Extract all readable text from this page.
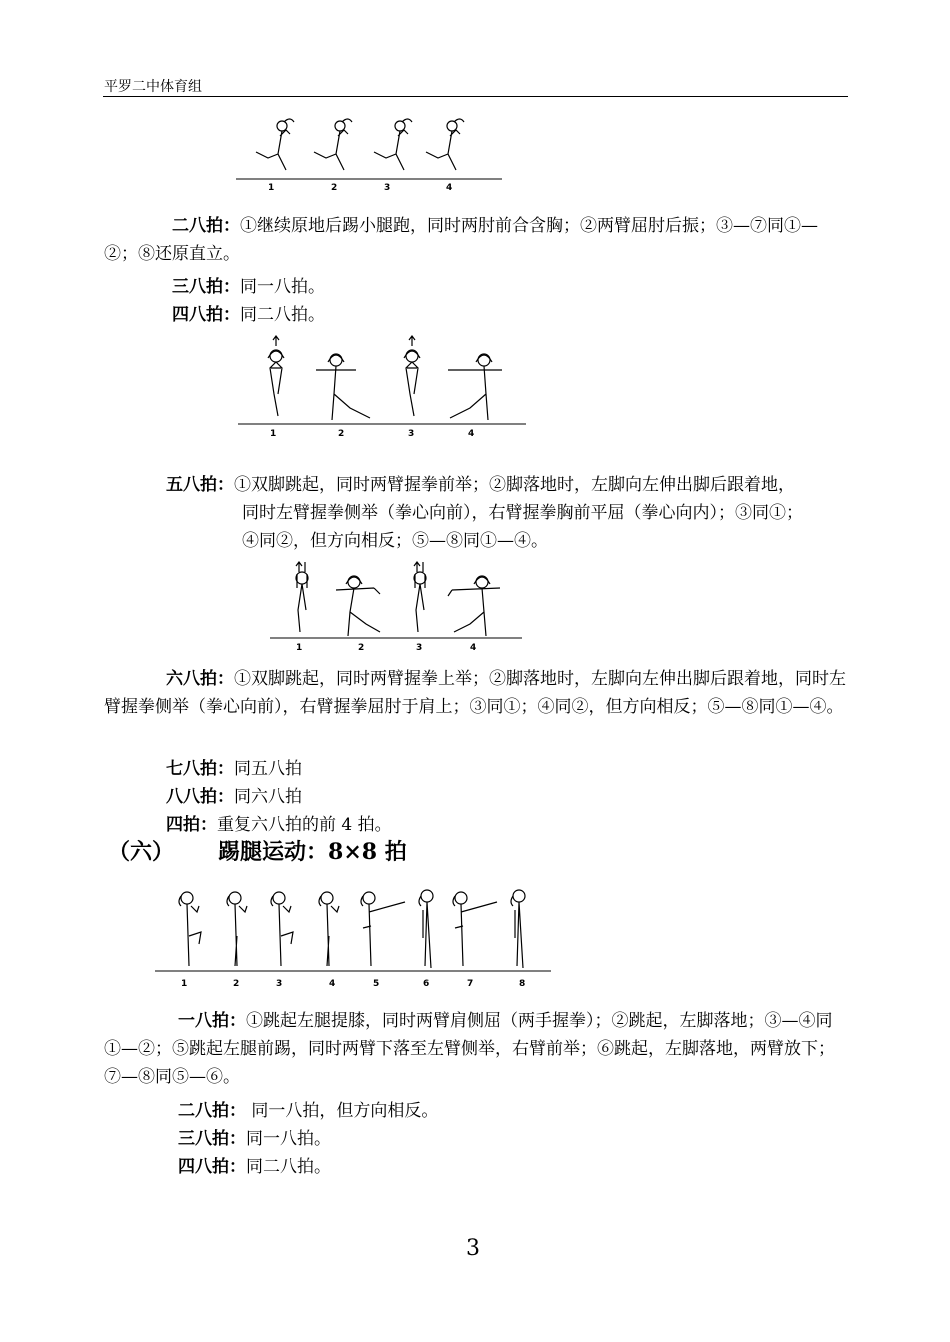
平罗二中体育组
1	2	3	4
二八拍：①继续原地后踢小腿跑，同时两肘前合含胸；②两臂屈肘后振；③—⑦同①—②；⑧还原直立。
三八拍：同一八拍。
四八拍：同二八拍。
1	2	3	4
五八拍：①双脚跳起，同时两臂握拳前举；②脚落地时，左脚向左伸出脚后跟着地，
同时左臂握拳侧举（拳心向前），右臂握拳胸前平屈（拳心向内）；③同①；
④同②，但方向相反；⑤—⑧同①—④。
1	2	3	4
六八拍：①双脚跳起，同时两臂握拳上举；②脚落地时，左脚向左伸出脚后跟着地，同时左臂握拳侧举（拳心向前），右臂握拳屈肘于肩上；③同①；④同②，但方向相反；⑤—⑧同①—④。
七八拍：同五八拍
八八拍：同六八拍
四拍：重复六八拍的前 4 拍。
（六） 踢腿运动：8×8 拍
1	2	3	4	5	6	7	8
一八拍：①跳起左腿提膝，同时两臂肩侧屈（两手握拳）；②跳起，左脚落地；③—④同①—②；⑤跳起左腿前踢，同时两臂下落至左臂侧举，右臂前举；⑥跳起，左脚落地，两臂放下；⑦—⑧同⑤—⑥。
二八拍： 同一八拍，但方向相反。
三八拍：同一八拍。
四八拍：同二八拍。
3
